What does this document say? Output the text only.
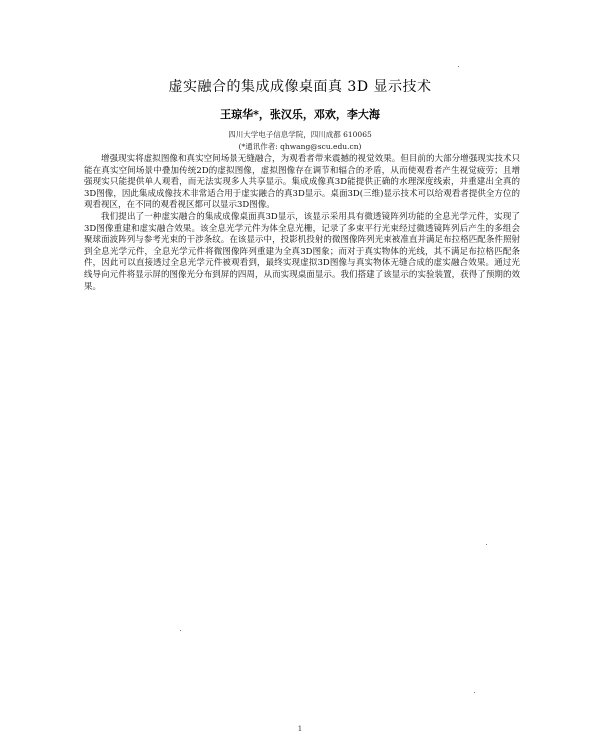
虚实融合的集成成像桌面真 3D 显示技术
王琼华*，张汉乐，邓欢，李大海
四川大学电子信息学院，四川成都 610065
(*通讯作者: qhwang@scu.edu.cn)

增强现实将虚拟图像和真实空间场景无缝融合，为观看者带来震撼的视觉效果。但目前的大部分增强现实技术只能在真实空间场景中叠加传统2D的虚拟图像，虚拟图像存在调节和辐合的矛盾，从而使观看者产生视觉疲劳；且增强现实只能提供单人观看，而无法实现多人共享显示。集成成像真3D能提供正确的水理深度线索，并重建出全真的3D图像，因此集成成像技术非常适合用于虚实融合的真3D显示。桌面3D(三维)显示技术可以给观看者提供全方位的观看视区，在不同的观看视区都可以显示3D图像。

我们提出了一种虚实融合的集成成像桌面真3D显示，该显示采用具有微透镜阵列功能的全息光学元件，实现了3D图像重建和虚实融合效果。该全息光学元件为体全息光栅，记录了多束平行光束经过微透镜阵列后产生的多组会聚球面波阵列与参考光束的干涉条纹。在该显示中，投影机投射的微图像阵列光束被准直并满足布拉格匹配条件照射到全息光学元件，全息光学元件将微图像阵列重建为全真3D图象；而对于真实物体的光线，其不满足布拉格匹配条件，因此可以直接透过全息光学元件被观看到，最终实现虚拟3D图像与真实物体无缝合成的虚实融合效果。通过光线导向元件将显示屏的图像光分布到屏的四周，从而实现桌面显示。我们搭建了该显示的实验装置，获得了预期的效果。

1
